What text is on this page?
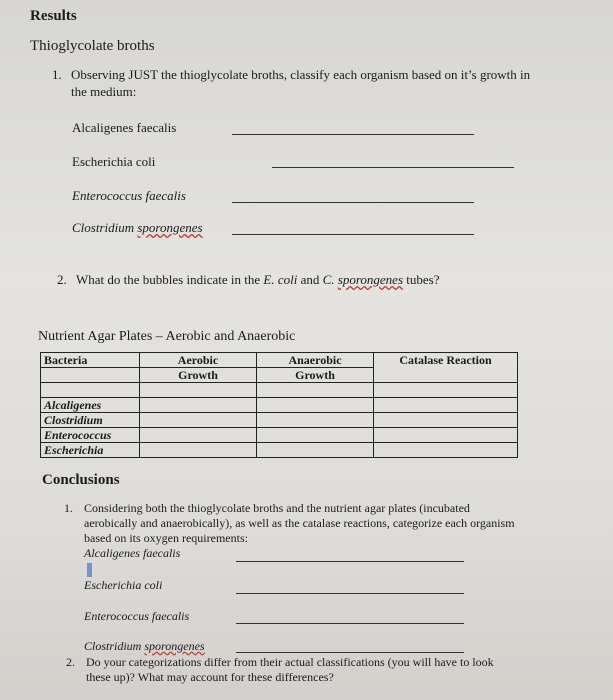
Results
Thioglycolate broths
1. Observing JUST the thioglycolate broths, classify each organism based on it’s growth in
the medium:
Alcaligenes faecalis
Escherichia coli
Enterococcus faecalis
Clostridium sporongenes
2. What do the bubbles indicate in the E. coli and C. sporongenes tubes?
Nutrient Agar Plates – Aerobic and Anaerobic
Bacteria	Aerobic	Anaerobic	Catalase Reaction
	Growth	Growth	

Alcaligenes			
Clostridium			
Enterococcus			
Escherichia			
Conclusions
1. Considering both the thioglycolate broths and the nutrient agar plates (incubated
aerobically and anaerobically), as well as the catalase reactions, categorize each organism
based on its oxygen requirements:
Alcaligenes faecalis
Escherichia coli
Enterococcus faecalis
Clostridium sporongenes
2. Do your categorizations differ from their actual classifications (you will have to look
these up)? What may account for these differences?
